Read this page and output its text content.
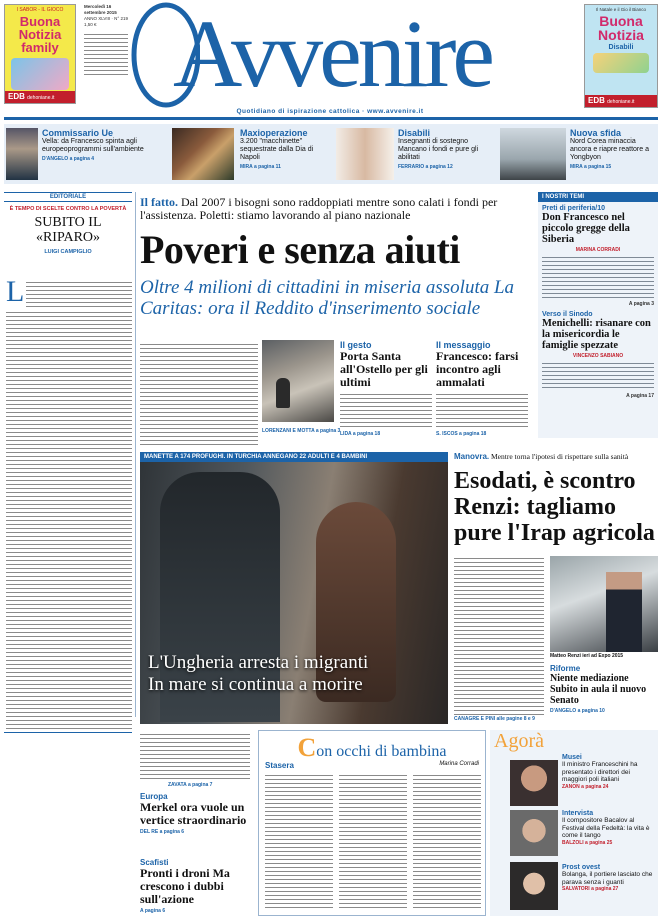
I SABOR - IL GIOCO
Buona Notizia family
EDB dehoniane.it
Mercoledì 16 settembre 2015
ANNO XLVIII · N° 219
1,50 € Avvenire
Quotidiano di ispirazione cattolica · www.avvenire.it
Il Natale e il Gio il Bianco
Buona Notizia
Disabili
EDB dehoniane.it
Commissario Ue
Vella: da Francesco spinta agli europeoprogrammi sull'ambiente
D'ANGELO a pagina 4
Maxioperazione
3.200 "macchinette" sequestrate dalla Dia di Napoli
MIRA a pagina 11
Disabili
Insegnanti di sostegno Mancano i fondi e pure gli abilitati
FERRARIO a pagina 12
Nuova sfida
Nord Corea minaccia ancora e riapre reattore a Yongbyon
MIRA a pagina 15
EDITORIALE
È TEMPO DI SCELTE CONTRO LA POVERTÀ
SUBITO IL «RIPARO»
LUIGI CAMPIGLIO
L
Il fatto. Dal 2007 i bisogni sono raddoppiati mentre sono calati i fondi per l'assistenza. Poletti: stiamo lavorando al piano nazionale
Poveri e senza aiuti
Oltre 4 milioni di cittadini in miseria assoluta La Caritas: ora il Reddito d'inserimento sociale
LORENZANI E MOTTA a pagina 3
Il gesto
Porta Santa all'Ostello per gli ultimi
LIDA a pagina 18
Il messaggio
Francesco: farsi incontro agli ammalati
S. ISCOS a pagina 18
I NOSTRI TEMI
Preti di periferia/10
Don Francesco nel piccolo gregge della Siberia
MARINA CORRADI
A pagina 3
Verso il Sinodo
Menichelli: risanare con la misericordia le famiglie spezzate
VINCENZO SABIANO
A pagina 17
MANETTE A 174 PROFUGHI. IN TURCHIA ANNEGANO 22 ADULTI E 4 BAMBINI
L'Ungheria arresta i migranti
In mare si continua a morire
Manovra. Mentre torna l'ipotesi di rispettare sulla sanità
Esodati, è scontro Renzi: tagliamo pure l'Irap agricola
Matteo Renzi ieri ad Expo 2015
Riforme
Niente mediazione Subito in aula il nuovo Senato
D'ANGELO a pagina 10
CANAGRE E PINI alle pagine 8 e 9
ZAVATA a pagina 7
Europa
Merkel ora vuole un vertice straordinario
DEL RE a pagina 6
Scafisti
Pronti i droni Ma crescono i dubbi sull'azione
A pagina 6
Con occhi di bambina
Stasera	Marina Corradi
Agorà
Musei
Il ministro Franceschini ha presentato i direttori dei maggiori poli italiani
ZANON a pagina 24
Intervista
Il compositore Bacalov al Festival della Fedeltà: la vita è come il tango
BALZOLI a pagina 25
Prost ovest
Bolanga, il portiere lasciato che parava senza i guanti
SALVATORI a pagina 27
